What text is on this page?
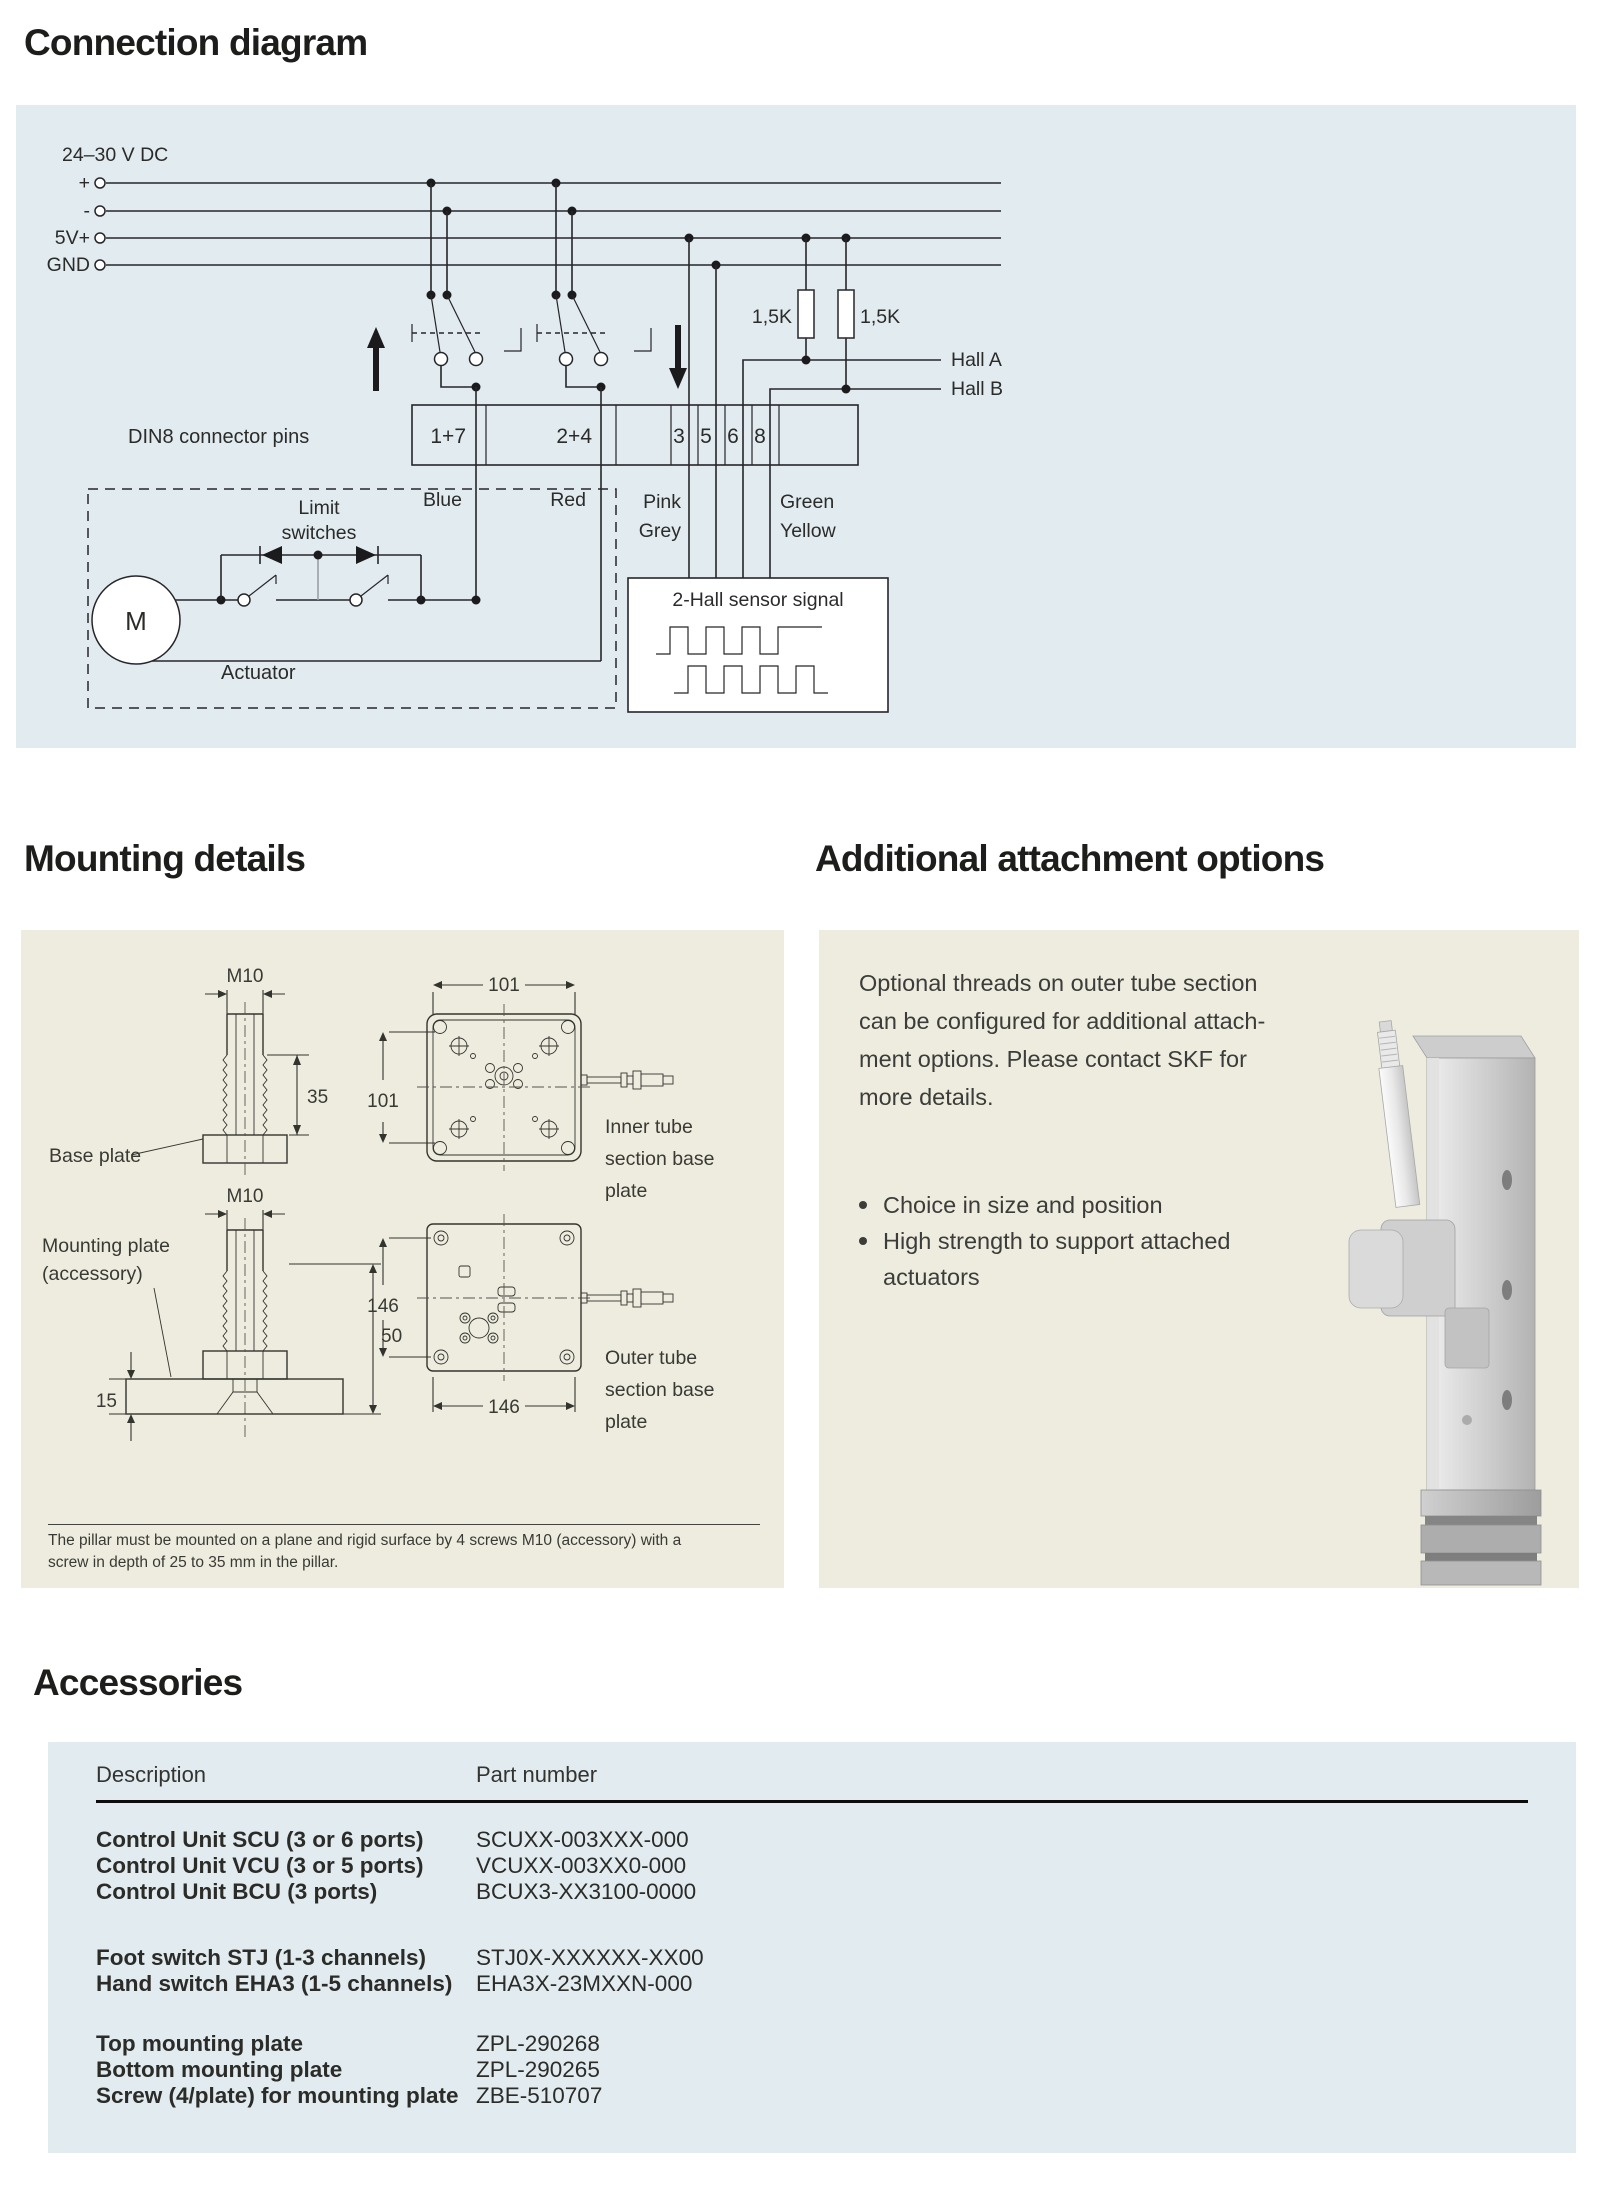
Connection diagram
24–30 V DC
+
-
5V+
GND
1,5K	1,5K
Hall A
Hall B
DIN8 connector pins	1+7	2+4	3 5 6 8
Limit
switches
Blue	Red	Pink
Grey
Green
Yellow
M
Actuator
2-Hall sensor signal
Mounting details
M10
35
Base plate
101
101
Inner tube
section base
plate
M10
50
15
Mounting plate
(accessory)
146
146
Outer tube
section base
plate
The pillar must be mounted on a plane and rigid surface by 4 screws M10 (accessory) with a
screw in depth of 25 to 35 mm in the pillar.
Additional attachment options
Optional threads on outer tube section
can be configured for additional attach-
ment options. Please contact SKF for
more details.
Choice in size and position
High strength to support attached
actuators
Accessories
Description	Part number
Control Unit SCU (3 or 6 ports)	SCUXX-003XXX-000
Control Unit VCU (3 or 5 ports)	VCUXX-003XX0-000
Control Unit BCU (3 ports)	BCUX3-XX3100-0000
Foot switch STJ (1-3 channels)	STJ0X-XXXXXX-XX00
Hand switch EHA3 (1-5 channels)	EHA3X-23MXXN-000
Top mounting plate	ZPL-290268
Bottom mounting plate	ZPL-290265
Screw (4/plate) for mounting plate ZBE-510707
